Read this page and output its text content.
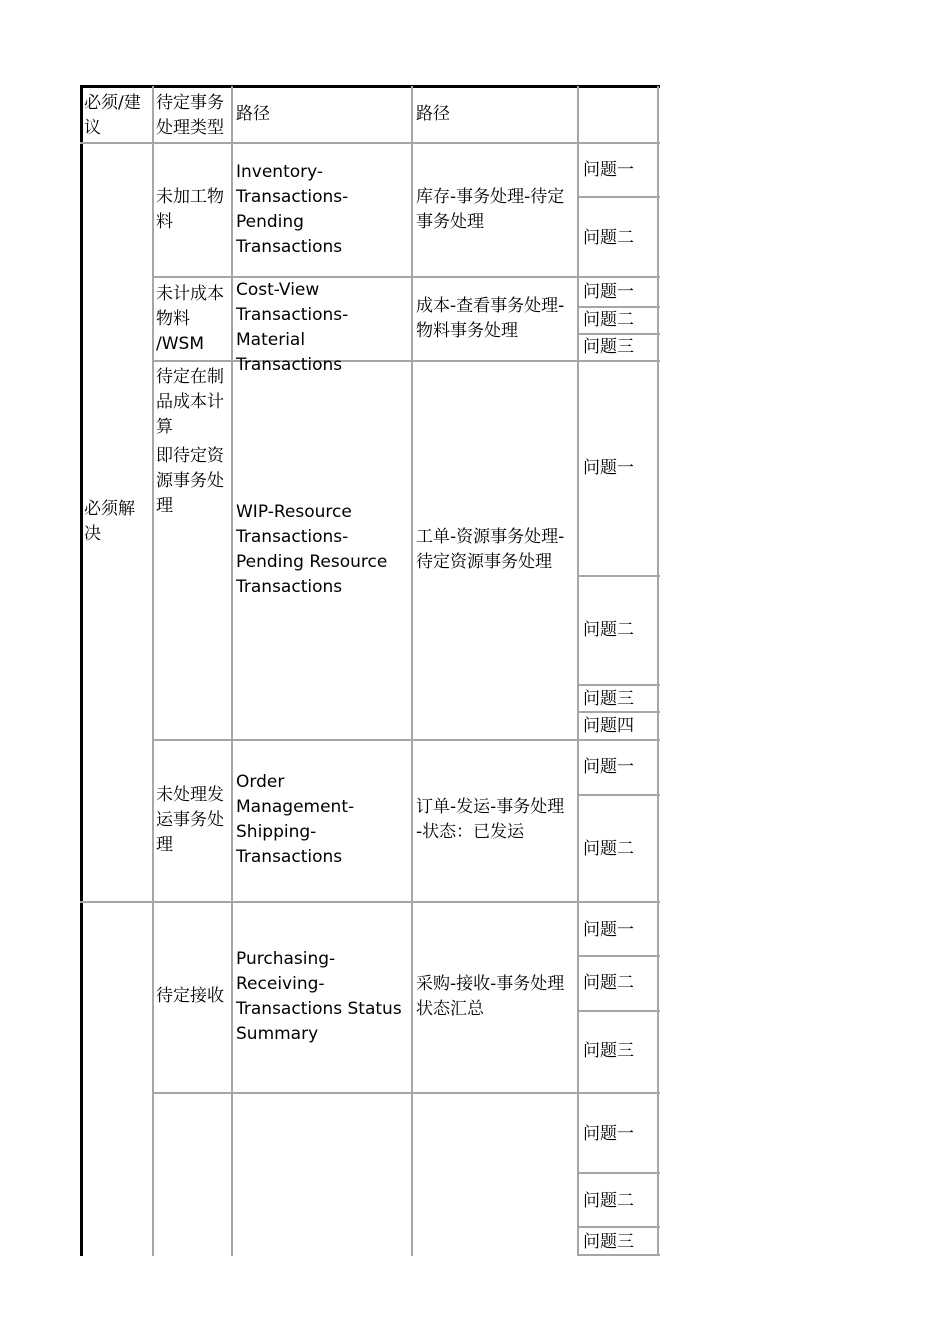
必须/建
议
待定事务
处理类型
路径	路径
必须解
决
未加工物
料
Inventory-
Transactions-
Pending
Transactions
库存-事务处理-待定
事务处理
问题一
问题二
未计成本
物料
/WSM
Cost-View
Transactions-
Material
Transactions
成本-查看事务处理-
物料事务处理
问题一
问题二
问题三
待定在制
品成本计
算
即待定资
源事务处
理	WIP-Resource
Transactions-
Pending Resource
Transactions
工单-资源事务处理-
待定资源事务处理
问题一
问题二
问题三
问题四
未处理发
运事务处
理
Order
Management-
Shipping-
Transactions
订单-发运-事务处理
-状态：已发运
问题一
问题二
待定接收
Purchasing-
Receiving-
Transactions Status
Summary
采购-接收-事务处理
状态汇总
问题一
问题二
问题三
问题一
问题二
问题三
